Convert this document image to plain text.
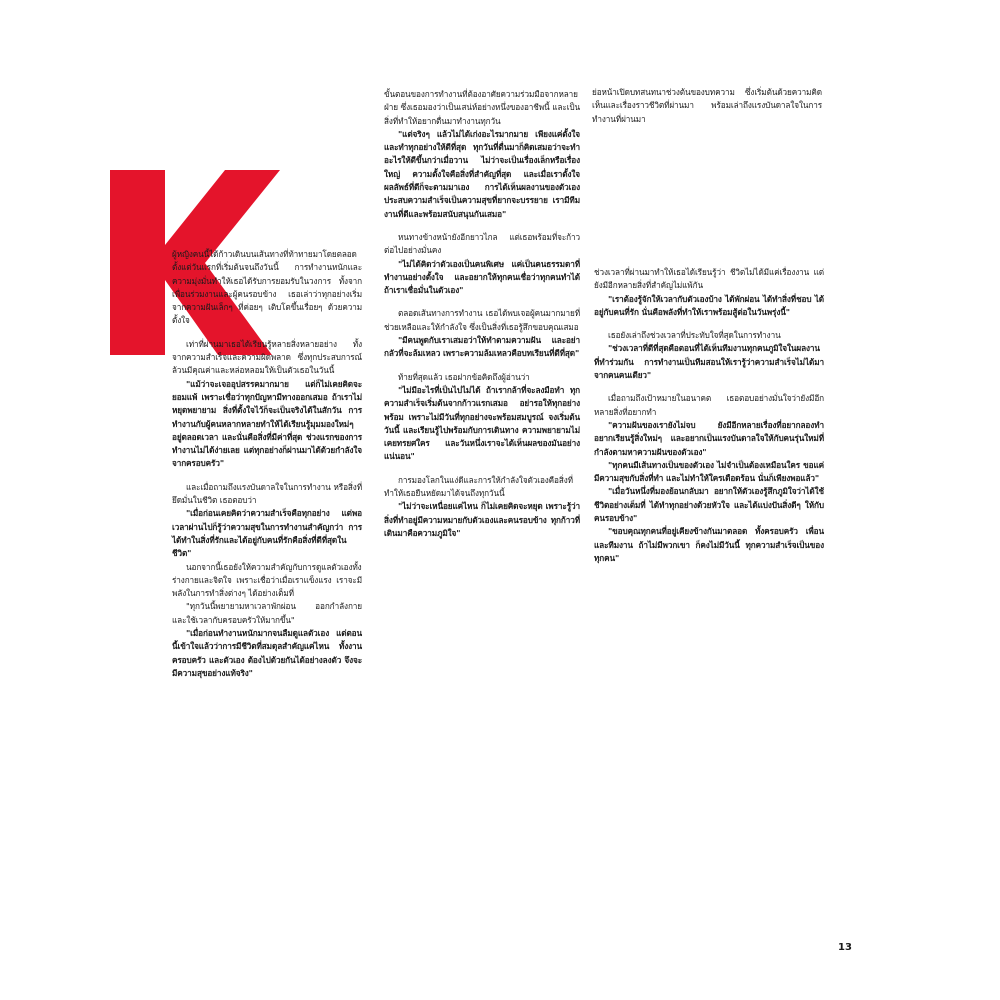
ย่อหน้าเปิดบทสนทนาช่วงต้นของบทความ ซึ่งเริ่มต้นด้วยความคิดเห็นและเรื่องราวชีวิตที่ผ่านมา พร้อมเล่าถึงแรงบันดาลใจในการทำงานที่ผ่านมา

ผู้หญิงคนนี้ได้ก้าวเดินบนเส้นทางที่ท้าทายมาโดยตลอด ตั้งแต่วันแรกที่เริ่มต้นจนถึงวันนี้ การทำงานหนักและความมุ่งมั่นทำให้เธอได้รับการยอมรับในวงการ ทั้งจากเพื่อนร่วมงานและผู้คนรอบข้าง เธอเล่าว่าทุกอย่างเริ่มจากความฝันเล็กๆ ที่ค่อยๆ เติบโตขึ้นเรื่อยๆ ด้วยความตั้งใจ

เท่าที่ผ่านมาเธอได้เรียนรู้หลายสิ่งหลายอย่าง ทั้งจากความสำเร็จและความผิดพลาด ซึ่งทุกประสบการณ์ล้วนมีคุณค่าและหล่อหลอมให้เป็นตัวเธอในวันนี้

"แม้ว่าจะเจออุปสรรคมากมาย แต่ก็ไม่เคยคิดจะยอมแพ้ เพราะเชื่อว่าทุกปัญหามีทางออกเสมอ ถ้าเราไม่หยุดพยายาม สิ่งที่ตั้งใจไว้ก็จะเป็นจริงได้ในสักวัน การทำงานกับผู้คนหลากหลายทำให้ได้เรียนรู้มุมมองใหม่ๆ อยู่ตลอดเวลา และนั่นคือสิ่งที่มีค่าที่สุด ช่วงแรกของการทำงานไม่ได้ง่ายเลย แต่ทุกอย่างก็ผ่านมาได้ด้วยกำลังใจจากครอบครัว"

และเมื่อถามถึงแรงบันดาลใจในการทำงาน หรือสิ่งที่ยึดมั่นในชีวิต เธอตอบว่า

"เมื่อก่อนเคยคิดว่าความสำเร็จคือทุกอย่าง แต่พอเวลาผ่านไปก็รู้ว่าความสุขในการทำงานสำคัญกว่า การได้ทำในสิ่งที่รักและได้อยู่กับคนที่รักคือสิ่งที่ดีที่สุดในชีวิต"

นอกจากนี้เธอยังให้ความสำคัญกับการดูแลตัวเองทั้งร่างกายและจิตใจ เพราะเชื่อว่าเมื่อเราแข็งแรง เราจะมีพลังในการทำสิ่งต่างๆ ได้อย่างเต็มที่

"ทุกวันนี้พยายามหาเวลาพักผ่อน ออกกำลังกาย และใช้เวลากับครอบครัวให้มากขึ้น"

"เมื่อก่อนทำงานหนักมากจนลืมดูแลตัวเอง แต่ตอนนี้เข้าใจแล้วว่าการมีชีวิตที่สมดุลสำคัญแค่ไหน ทั้งงาน ครอบครัว และตัวเอง ต้องไปด้วยกันได้อย่างลงตัว จึงจะมีความสุขอย่างแท้จริง"

ขั้นตอนของการทำงานที่ต้องอาศัยความร่วมมือจากหลายฝ่าย ซึ่งเธอมองว่าเป็นเสน่ห์อย่างหนึ่งของอาชีพนี้ และเป็นสิ่งที่ทำให้อยากตื่นมาทำงานทุกวัน

"แต่จริงๆ แล้วไม่ได้เก่งอะไรมากมาย เพียงแค่ตั้งใจและทำทุกอย่างให้ดีที่สุด ทุกวันที่ตื่นมาก็คิดเสมอว่าจะทำอะไรให้ดีขึ้นกว่าเมื่อวาน ไม่ว่าจะเป็นเรื่องเล็กหรือเรื่องใหญ่ ความตั้งใจคือสิ่งที่สำคัญที่สุด และเมื่อเราตั้งใจ ผลลัพธ์ที่ดีก็จะตามมาเอง การได้เห็นผลงานของตัวเองประสบความสำเร็จเป็นความสุขที่ยากจะบรรยาย เรามีทีมงานที่ดีและพร้อมสนับสนุนกันเสมอ"

หนทางข้างหน้ายังอีกยาวไกล แต่เธอพร้อมที่จะก้าวต่อไปอย่างมั่นคง

"ไม่ได้คิดว่าตัวเองเป็นคนพิเศษ แค่เป็นคนธรรมดาที่ทำงานอย่างตั้งใจ และอยากให้ทุกคนเชื่อว่าทุกคนทำได้ ถ้าเราเชื่อมั่นในตัวเอง"

ตลอดเส้นทางการทำงาน เธอได้พบเจอผู้คนมากมายที่ช่วยเหลือและให้กำลังใจ ซึ่งเป็นสิ่งที่เธอรู้สึกขอบคุณเสมอ

"มีคนพูดกับเราเสมอว่าให้ทำตามความฝัน และอย่ากลัวที่จะล้มเหลว เพราะความล้มเหลวคือบทเรียนที่ดีที่สุด"

ท้ายที่สุดแล้ว เธอฝากข้อคิดถึงผู้อ่านว่า

"ไม่มีอะไรที่เป็นไปไม่ได้ ถ้าเรากล้าที่จะลงมือทำ ทุกความสำเร็จเริ่มต้นจากก้าวแรกเสมอ อย่ารอให้ทุกอย่างพร้อม เพราะไม่มีวันที่ทุกอย่างจะพร้อมสมบูรณ์ จงเริ่มต้นวันนี้ และเรียนรู้ไปพร้อมกับการเดินทาง ความพยายามไม่เคยทรยศใคร และวันหนึ่งเราจะได้เห็นผลของมันอย่างแน่นอน"

การมองโลกในแง่ดีและการให้กำลังใจตัวเองคือสิ่งที่ทำให้เธอยืนหยัดมาได้จนถึงทุกวันนี้

"ไม่ว่าจะเหนื่อยแค่ไหน ก็ไม่เคยคิดจะหยุด เพราะรู้ว่าสิ่งที่ทำอยู่มีความหมายกับตัวเองและคนรอบข้าง ทุกก้าวที่เดินมาคือความภูมิใจ"

ช่วงเวลาที่ผ่านมาทำให้เธอได้เรียนรู้ว่า ชีวิตไม่ได้มีแค่เรื่องงาน แต่ยังมีอีกหลายสิ่งที่สำคัญไม่แพ้กัน

"เราต้องรู้จักให้เวลากับตัวเองบ้าง ได้พักผ่อน ได้ทำสิ่งที่ชอบ ได้อยู่กับคนที่รัก นั่นคือพลังที่ทำให้เราพร้อมสู้ต่อในวันพรุ่งนี้"

เธอยังเล่าถึงช่วงเวลาที่ประทับใจที่สุดในการทำงาน

"ช่วงเวลาที่ดีที่สุดคือตอนที่ได้เห็นทีมงานทุกคนภูมิใจในผลงานที่ทำร่วมกัน การทำงานเป็นทีมสอนให้เรารู้ว่าความสำเร็จไม่ได้มาจากคนคนเดียว"

เมื่อถามถึงเป้าหมายในอนาคต เธอตอบอย่างมั่นใจว่ายังมีอีกหลายสิ่งที่อยากทำ

"ความฝันของเรายังไม่จบ ยังมีอีกหลายเรื่องที่อยากลองทำ อยากเรียนรู้สิ่งใหม่ๆ และอยากเป็นแรงบันดาลใจให้กับคนรุ่นใหม่ที่กำลังตามหาความฝันของตัวเอง"

"ทุกคนมีเส้นทางเป็นของตัวเอง ไม่จำเป็นต้องเหมือนใคร ขอแค่มีความสุขกับสิ่งที่ทำ และไม่ทำให้ใครเดือดร้อน นั่นก็เพียงพอแล้ว"

"เมื่อวันหนึ่งที่มองย้อนกลับมา อยากให้ตัวเองรู้สึกภูมิใจว่าได้ใช้ชีวิตอย่างเต็มที่ ได้ทำทุกอย่างด้วยหัวใจ และได้แบ่งปันสิ่งดีๆ ให้กับคนรอบข้าง"

"ขอบคุณทุกคนที่อยู่เคียงข้างกันมาตลอด ทั้งครอบครัว เพื่อน และทีมงาน ถ้าไม่มีพวกเขา ก็คงไม่มีวันนี้ ทุกความสำเร็จเป็นของทุกคน"

13
